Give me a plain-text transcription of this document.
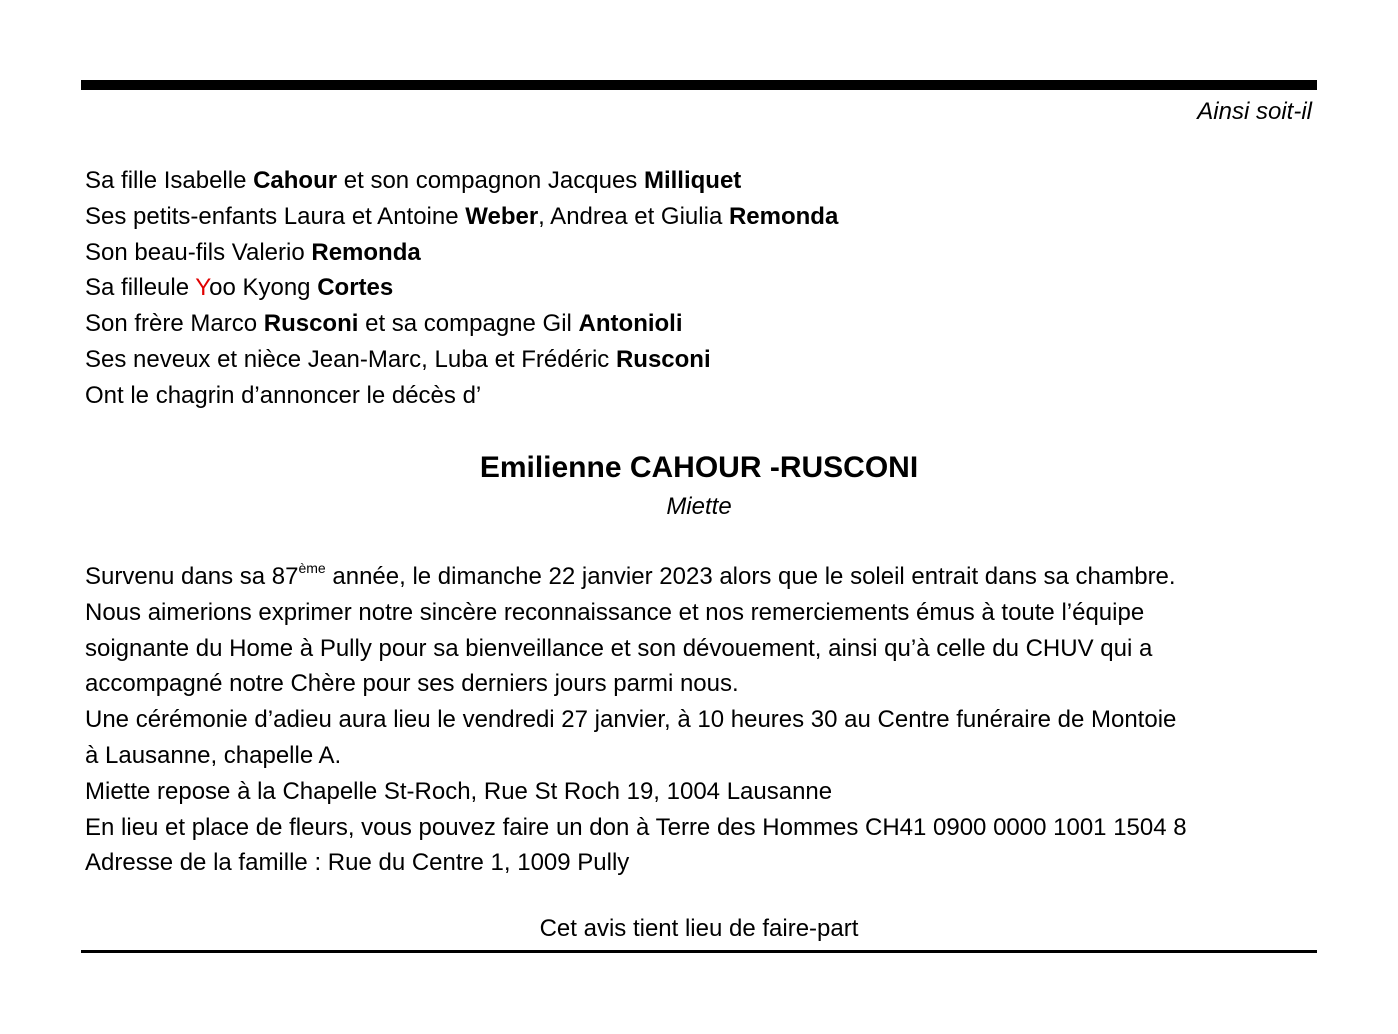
Ainsi soit-il
Sa fille Isabelle Cahour et son compagnon Jacques Milliquet
Ses petits-enfants Laura et Antoine Weber, Andrea et Giulia Remonda
Son beau-fils Valerio Remonda
Sa filleule Yoo Kyong Cortes
Son frère Marco Rusconi et sa compagne Gil Antonioli
Ses neveux et nièce Jean-Marc, Luba et Frédéric Rusconi
Ont le chagrin d’annoncer le décès d’
Emilienne CAHOUR -RUSCONI
Miette
Survenu dans sa 87ème année, le dimanche 22 janvier 2023 alors que le soleil entrait dans sa chambre.
Nous aimerions exprimer notre sincère reconnaissance et nos remerciements émus à toute l’équipe
soignante du Home à Pully pour sa bienveillance et son dévouement, ainsi qu’à celle du CHUV qui a
accompagné notre Chère pour ses derniers jours parmi nous.
Une cérémonie d’adieu aura lieu le vendredi 27 janvier, à 10 heures 30 au Centre funéraire de Montoie
à Lausanne, chapelle A.
Miette repose à la Chapelle St-Roch, Rue St Roch 19, 1004 Lausanne
En lieu et place de fleurs, vous pouvez faire un don à Terre des Hommes CH41 0900 0000 1001 1504 8
Adresse de la famille : Rue du Centre 1, 1009 Pully
Cet avis tient lieu de faire-part
